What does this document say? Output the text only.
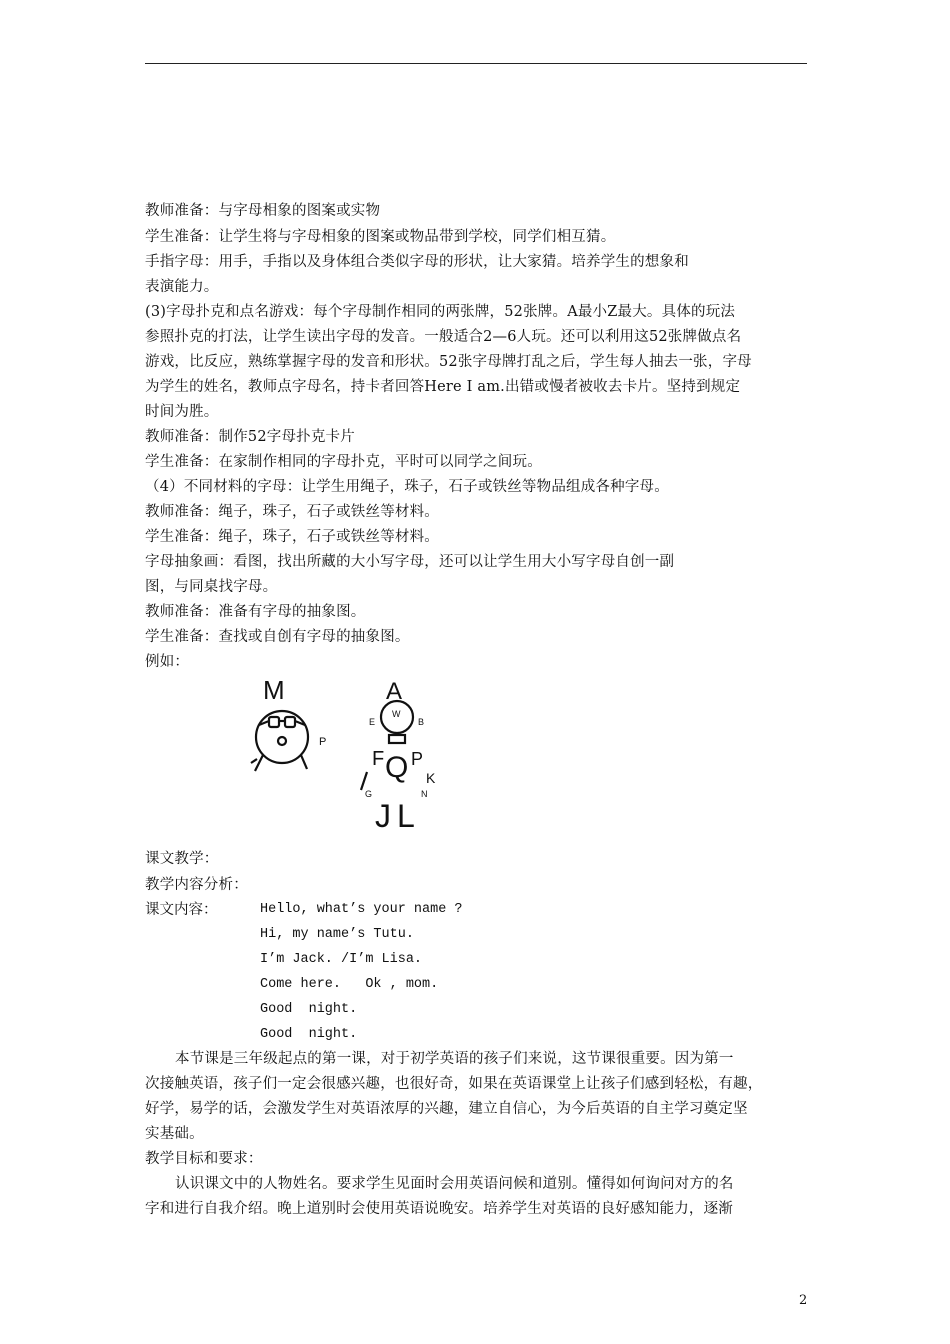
教师准备：与字母相象的图案或实物
学生准备：让学生将与字母相象的图案或物品带到学校，同学们相互猜。
手指字母：用手，手指以及身体组合类似字母的形状，让大家猜。培养学生的想象和
表演能力。
(3)字母扑克和点名游戏：每个字母制作相同的两张牌，52张牌。A最小Z最大。具体的玩法
参照扑克的打法，让学生读出字母的发音。一般适合2—6人玩。还可以利用这52张牌做点名
游戏，比反应，熟练掌握字母的发音和形状。52张字母牌打乱之后，学生每人抽去一张，字母
为学生的姓名，教师点字母名，持卡者回答Here I am.出错或慢者被收去卡片。坚持到规定
时间为胜。
教师准备：制作52字母扑克卡片
学生准备：在家制作相同的字母扑克，平时可以同学之间玩。
（4）不同材料的字母：让学生用绳子，珠子，石子或铁丝等物品组成各种字母。
教师准备：绳子，珠子，石子或铁丝等材料。
学生准备：绳子，珠子，石子或铁丝等材料。
字母抽象画：看图，找出所藏的大小写字母，还可以让学生用大小写字母自创一副
图，与同桌找字母。
教师准备：准备有字母的抽象图。
学生准备：查找或自创有字母的抽象图。
例如：
M
P
A
W
E	B
F Q P
K
G	N
J L
课文教学：
教学内容分析：
课文内容：	Hello, what’s your name ?
Hi, my name’s Tutu.
I’m Jack. /I’m Lisa.
Come here.   Ok , mom.
Good  night.
Good  night.
本节课是三年级起点的第一课，对于初学英语的孩子们来说，这节课很重要。因为第一
次接触英语，孩子们一定会很感兴趣，也很好奇，如果在英语课堂上让孩子们感到轻松，有趣，
好学，易学的话，会激发学生对英语浓厚的兴趣，建立自信心，为今后英语的自主学习奠定坚
实基础。
教学目标和要求：
认识课文中的人物姓名。要求学生见面时会用英语问候和道别。懂得如何询问对方的名
字和进行自我介绍。晚上道别时会使用英语说晚安。培养学生对英语的良好感知能力，逐渐
2
